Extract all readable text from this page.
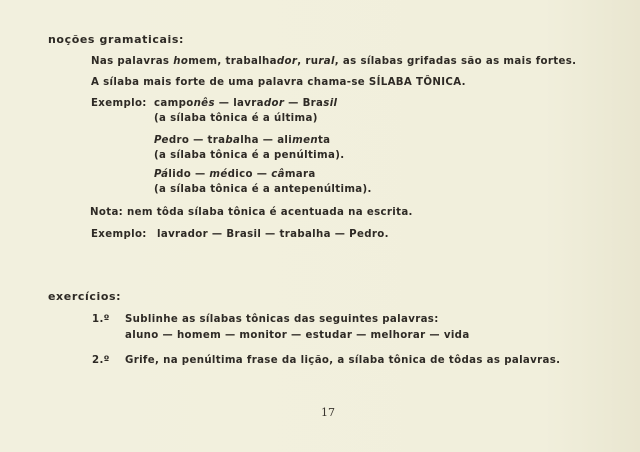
noções gramaticais:
Nas palavras homem, trabalhador, rural, as sílabas grifadas são as mais fortes.
A sílaba mais forte de uma palavra chama-se SÍLABA TÔNICA.
Exemplo: camponês — lavrador — Brasil
(a sílaba tônica é a última)
Pedro — trabalha — alimenta
(a sílaba tônica é a penúltima).
Pálido — médico — câmara
(a sílaba tônica é a antepenúltima).
Nota: nem tôda sílaba tônica é acentuada na escrita.
Exemplo: lavrador — Brasil — trabalha — Pedro.
exercícios:
1.º Sublinhe as sílabas tônicas das seguintes palavras:
aluno — homem — monitor — estudar — melhorar — vida
2.º Grife, na penúltima frase da lição, a sílaba tônica de tôdas as palavras.
17
